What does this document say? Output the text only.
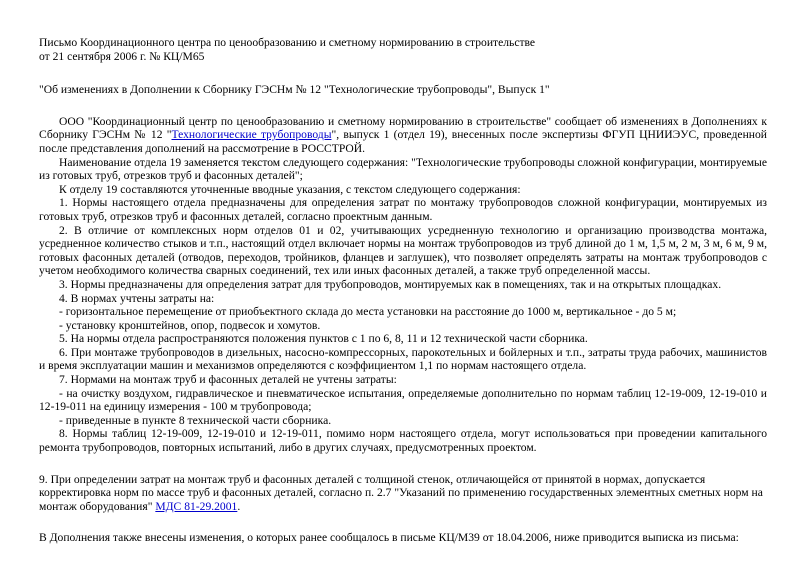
Письмо Координационного центра по ценообразованию и сметному нормированию в строительстве

от 21 сентября 2006 г. № КЦ/М65

"Об изменениях в Дополнении к Сборнику ГЭСНм № 12 "Технологические трубопроводы", Выпуск 1"

ООО "Координационный центр по ценообразованию и сметному нормированию в строительстве" сообщает об изменениях в Дополнениях к Сборнику ГЭСНм № 12 "Технологические трубопроводы", выпуск 1 (отдел 19), внесенных после экспертизы ФГУП ЦНИИЭУС, проведенной после представления дополнений на рассмотрение в РОССТРОЙ.

Наименование отдела 19 заменяется текстом следующего содержания: "Технологические трубопроводы сложной конфигурации, монтируемые из готовых труб, отрезков труб и фасонных деталей";

К отделу 19 составляются уточненные вводные указания, с текстом следующего содержания:

1. Нормы настоящего отдела предназначены для определения затрат по монтажу трубопроводов сложной конфигурации, монтируемых из готовых труб, отрезков труб и фасонных деталей, согласно проектным данным.

2. В отличие от комплексных норм отделов 01 и 02, учитывающих усредненную технологию и организацию производства монтажа, усредненное количество стыков и т.п., настоящий отдел включает нормы на монтаж трубопроводов из труб длиной до 1 м, 1,5 м, 2 м, 3 м, 6 м, 9 м, готовых фасонных деталей (отводов, переходов, тройников, фланцев и заглушек), что позволяет определять затраты на монтаж трубопроводов с учетом необходимого количества сварных соединений, тех или иных фасонных деталей, а также труб определенной массы.

3. Нормы предназначены для определения затрат для трубопроводов, монтируемых как в помещениях, так и на открытых площадках.

4. В нормах учтены затраты на:

- горизонтальное перемещение от приобъектного склада до места установки на расстояние до 1000 м, вертикальное - до 5 м;

- установку кронштейнов, опор, подвесок и хомутов.

5. На нормы отдела распространяются положения пунктов с 1 по 6, 8, 11 и 12 технической части сборника.

6. При монтаже трубопроводов в дизельных, насосно-компрессорных, парокотельных и бойлерных и т.п., затраты труда рабочих, машинистов и время эксплуатации машин и механизмов определяются с коэффициентом 1,1 по нормам настоящего отдела.

7. Нормами на монтаж труб и фасонных деталей не учтены затраты:

- на очистку воздухом, гидравлическое и пневматическое испытания, определяемые дополнительно по нормам таблиц 12-19-009, 12-19-010 и 12-19-011 на единицу измерения - 100 м трубопровода;

- приведенные в пункте 8 технической части сборника.

8. Нормы таблиц 12-19-009, 12-19-010 и 12-19-011, помимо норм настоящего отдела, могут использоваться при проведении капитального ремонта трубопроводов, повторных испытаний, либо в других случаях, предусмотренных проектом.

9. При определении затрат на монтаж труб и фасонных деталей с толщиной стенок, отличающейся от принятой в нормах, допускается корректировка норм по массе труб и фасонных деталей, согласно п. 2.7 "Указаний по применению государственных элементных сметных норм на монтаж оборудования" МДС 81-29.2001.

В Дополнения также внесены изменения, о которых ранее сообщалось в письме КЦ/М39 от 18.04.2006, ниже приводится выписка из письма:
